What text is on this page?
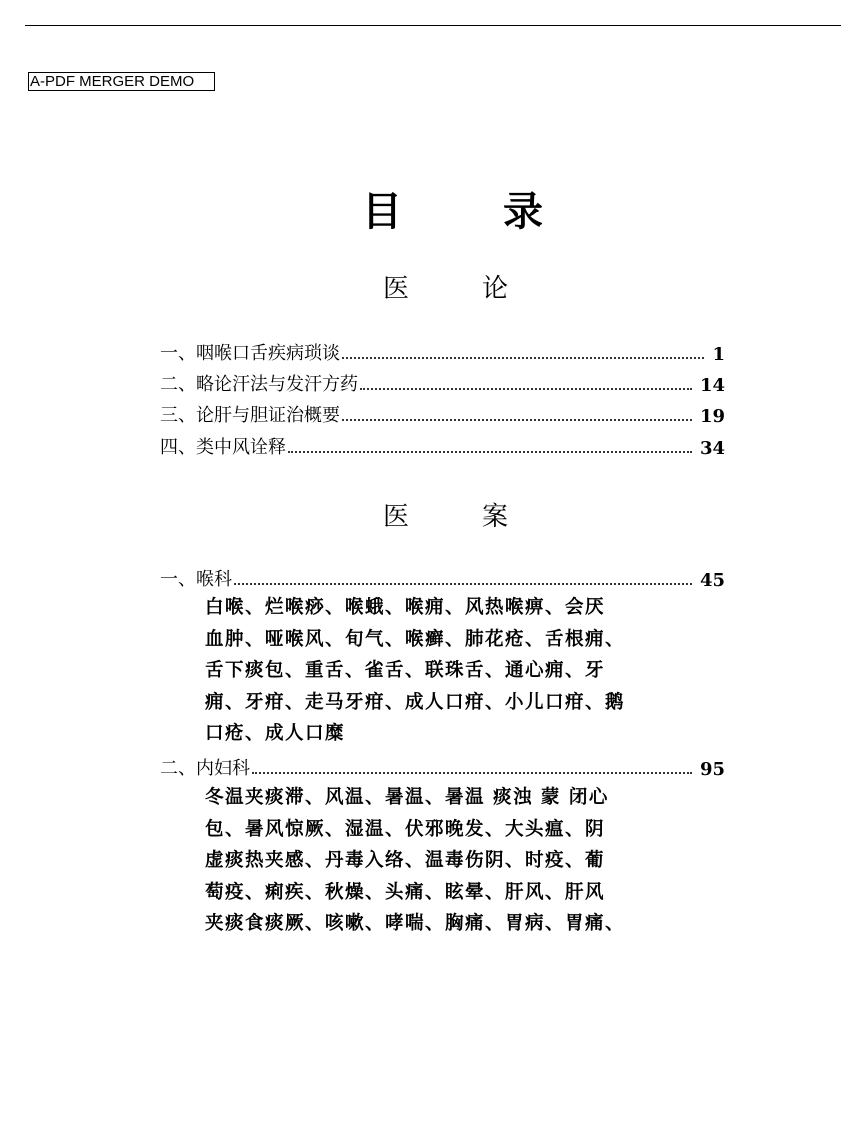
A-PDF MERGER DEMO
目	录
医	论
一、咽喉口舌疾病琐谈	1
二、略论汗法与发汗方药	14
三、论肝与胆证治概要	19
四、类中风诠释	34
医	案
一、喉科	45
白喉、烂喉痧、喉蛾、喉痈、风热喉痹、会厌
血肿、哑喉风、旬气、喉癣、肺花疮、舌根痈、
舌下痰包、重舌、雀舌、联珠舌、通心痈、牙
痈、牙疳、走马牙疳、成人口疳、小儿口疳、鹅
口疮、成人口糜
二、内妇科	95
冬温夹痰滞、风温、暑温、暑温 痰浊 蒙 闭心
包、暑风惊厥、湿温、伏邪晚发、大头瘟、阴
虚痰热夹感、丹毒入络、温毒伤阴、时疫、葡
萄疫、痢疾、秋燥、头痛、眩晕、肝风、肝风
夹痰食痰厥、咳嗽、哮喘、胸痛、胃病、胃痛、
